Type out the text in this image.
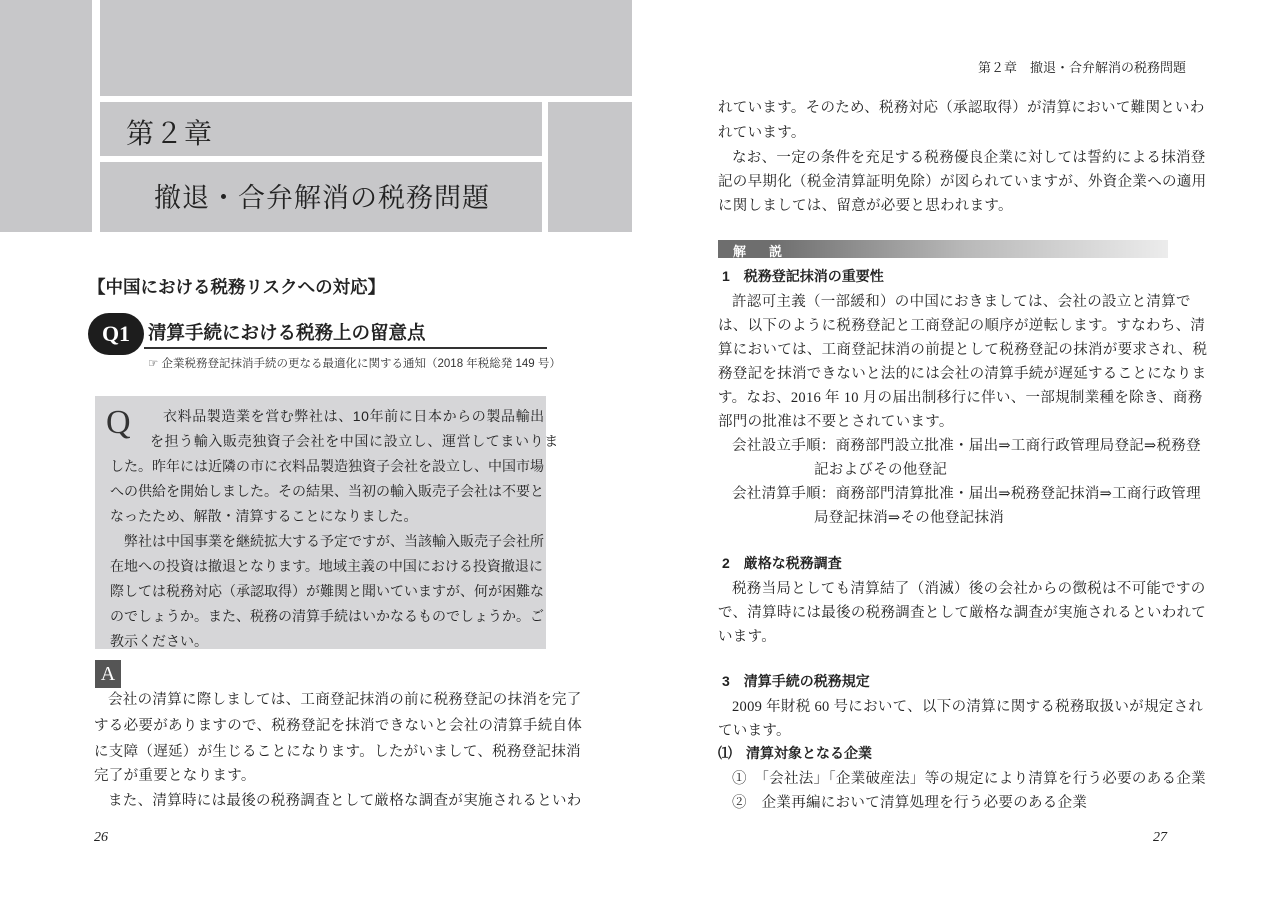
第２章
撤退・合弁解消の税務問題
【中国における税務リスクへの対応】
Q1 清算手続における税務上の留意点
☞ 企業税務登記抹消手続の更なる最適化に関する通知（2018 年税総発 149 号）
Q 衣料品製造業を営む弊社は、10年前に日本からの製品輸出
を担う輸入販売独資子会社を中国に設立し、運営してまいりま
した。昨年には近隣の市に衣料品製造独資子会社を設立し、中国市場
への供給を開始しました。その結果、当初の輸入販売子会社は不要と
なったため、解散・清算することになりました。
弊社は中国事業を継続拡大する予定ですが、当該輸入販売子会社所
在地への投資は撤退となります。地域主義の中国における投資撤退に
際しては税務対応（承認取得）が難関と聞いていますが、何が困難な
のでしょうか。また、税務の清算手続はいかなるものでしょうか。ご
教示ください。
A
会社の清算に際しましては、工商登記抹消の前に税務登記の抹消を完了
する必要がありますので、税務登記を抹消できないと会社の清算手続自体
に支障（遅延）が生じることになります。したがいまして、税務登記抹消
完了が重要となります。
また、清算時には最後の税務調査として厳格な調査が実施されるといわ
26
第２章　撤退・合弁解消の税務問題
れています。そのため、税務対応（承認取得）が清算において難関といわ
れています。
なお、一定の条件を充足する税務優良企業に対しては誓約による抹消登
記の早期化（税金清算証明免除）が図られていますが、外資企業への適用
に関しましては、留意が必要と思われます。
解　説
1　税務登記抹消の重要性
許認可主義（一部緩和）の中国におきましては、会社の設立と清算で
は、以下のように税務登記と工商登記の順序が逆転します。すなわち、清
算においては、工商登記抹消の前提として税務登記の抹消が要求され、税
務登記を抹消できないと法的には会社の清算手続が遅延することになりま
す。なお、2016 年 10 月の届出制移行に伴い、一部規制業種を除き、商務
部門の批准は不要とされています。
会社設立手順：商務部門設立批准・届出⇒工商行政管理局登記⇒税務登
記およびその他登記
会社清算手順：商務部門清算批准・届出⇒税務登記抹消⇒工商行政管理
局登記抹消⇒その他登記抹消
2　厳格な税務調査
税務当局としても清算結了（消滅）後の会社からの徴税は不可能ですの
で、清算時には最後の税務調査として厳格な調査が実施されるといわれて
います。
3　清算手続の税務規定
2009 年財税 60 号において、以下の清算に関する税務取扱いが規定され
ています。
⑴　清算対象となる企業
①　「会社法」「企業破産法」等の規定により清算を行う必要のある企業
②　企業再編において清算処理を行う必要のある企業
27
